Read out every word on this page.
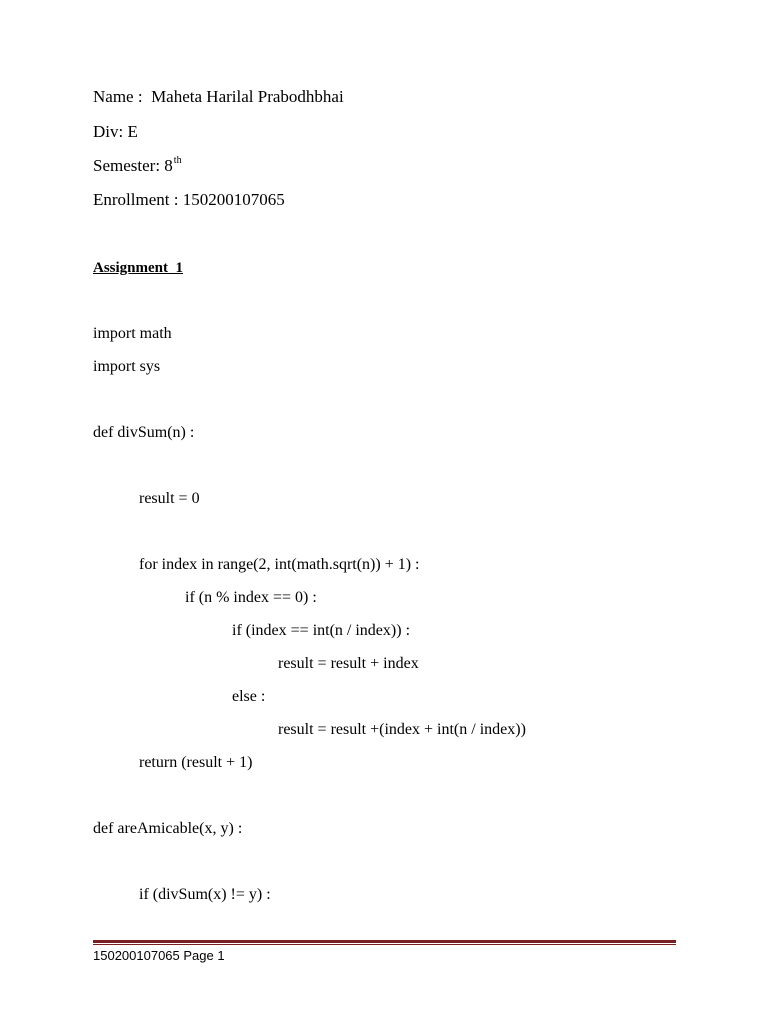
Name :  Maheta Harilal Prabodhbhai
Div: E
Semester: 8th
Enrollment : 150200107065
Assignment  1
import math
import sys
def divSum(n) :
result = 0
for index in range(2, int(math.sqrt(n)) + 1) :
if (n % index == 0) :
if (index == int(n / index)) :
result = result + index
else :
result = result +(index + int(n / index))
return (result + 1)
def areAmicable(x, y) :
if (divSum(x) != y) :
150200107065 Page 1
